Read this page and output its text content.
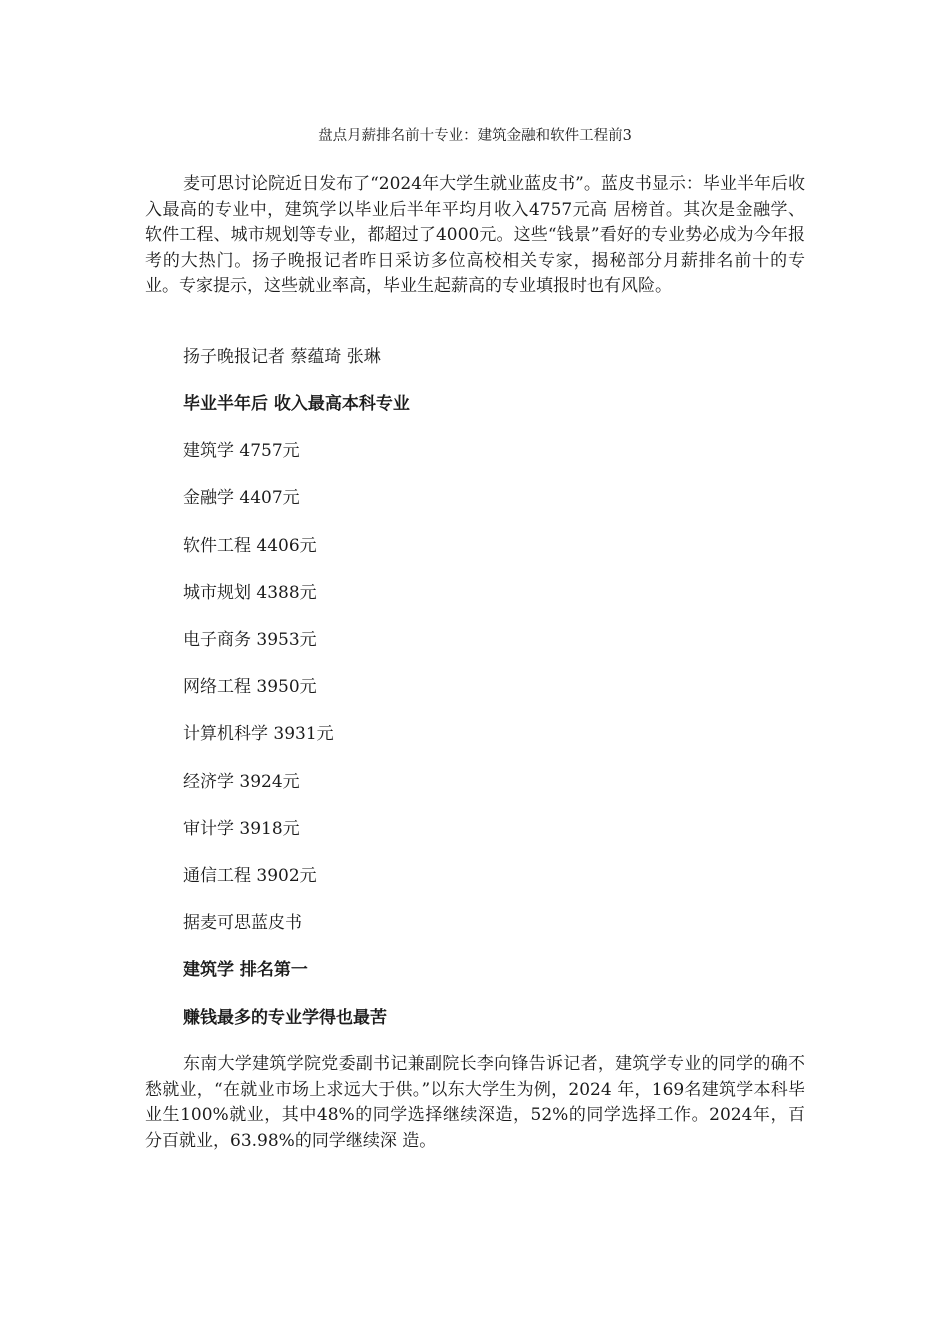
盘点月薪排名前十专业：建筑金融和软件工程前3

麦可思讨论院近日发布了“2024年大学生就业蓝皮书”。蓝皮书显示：毕业半年后收入最高的专业中，建筑学以毕业后半年平均月收入4757元高 居榜首。其次是金融学、软件工程、城市规划等专业，都超过了4000元。这些“钱景”看好的专业势必成为今年报考的大热门。扬子晚报记者昨日采访多位高校相关专家，揭秘部分月薪排名前十的专业。专家提示，这些就业率高，毕业生起薪高的专业填报时也有风险。

扬子晚报记者 蔡蕴琦 张琳

毕业半年后 收入最高本科专业

建筑学 4757元

金融学 4407元

软件工程 4406元

城市规划 4388元

电子商务 3953元

网络工程 3950元

计算机科学 3931元

经济学 3924元

审计学 3918元

通信工程 3902元

据麦可思蓝皮书

建筑学 排名第一

赚钱最多的专业学得也最苦

东南大学建筑学院党委副书记兼副院长李向锋告诉记者，建筑学专业的同学的确不愁就业，“在就业市场上求远大于供。”以东大学生为例，2024 年，169名建筑学本科毕业生100%就业，其中48%的同学选择继续深造，52%的同学选择工作。2024年，百分百就业，63.98%的同学继续深 造。
